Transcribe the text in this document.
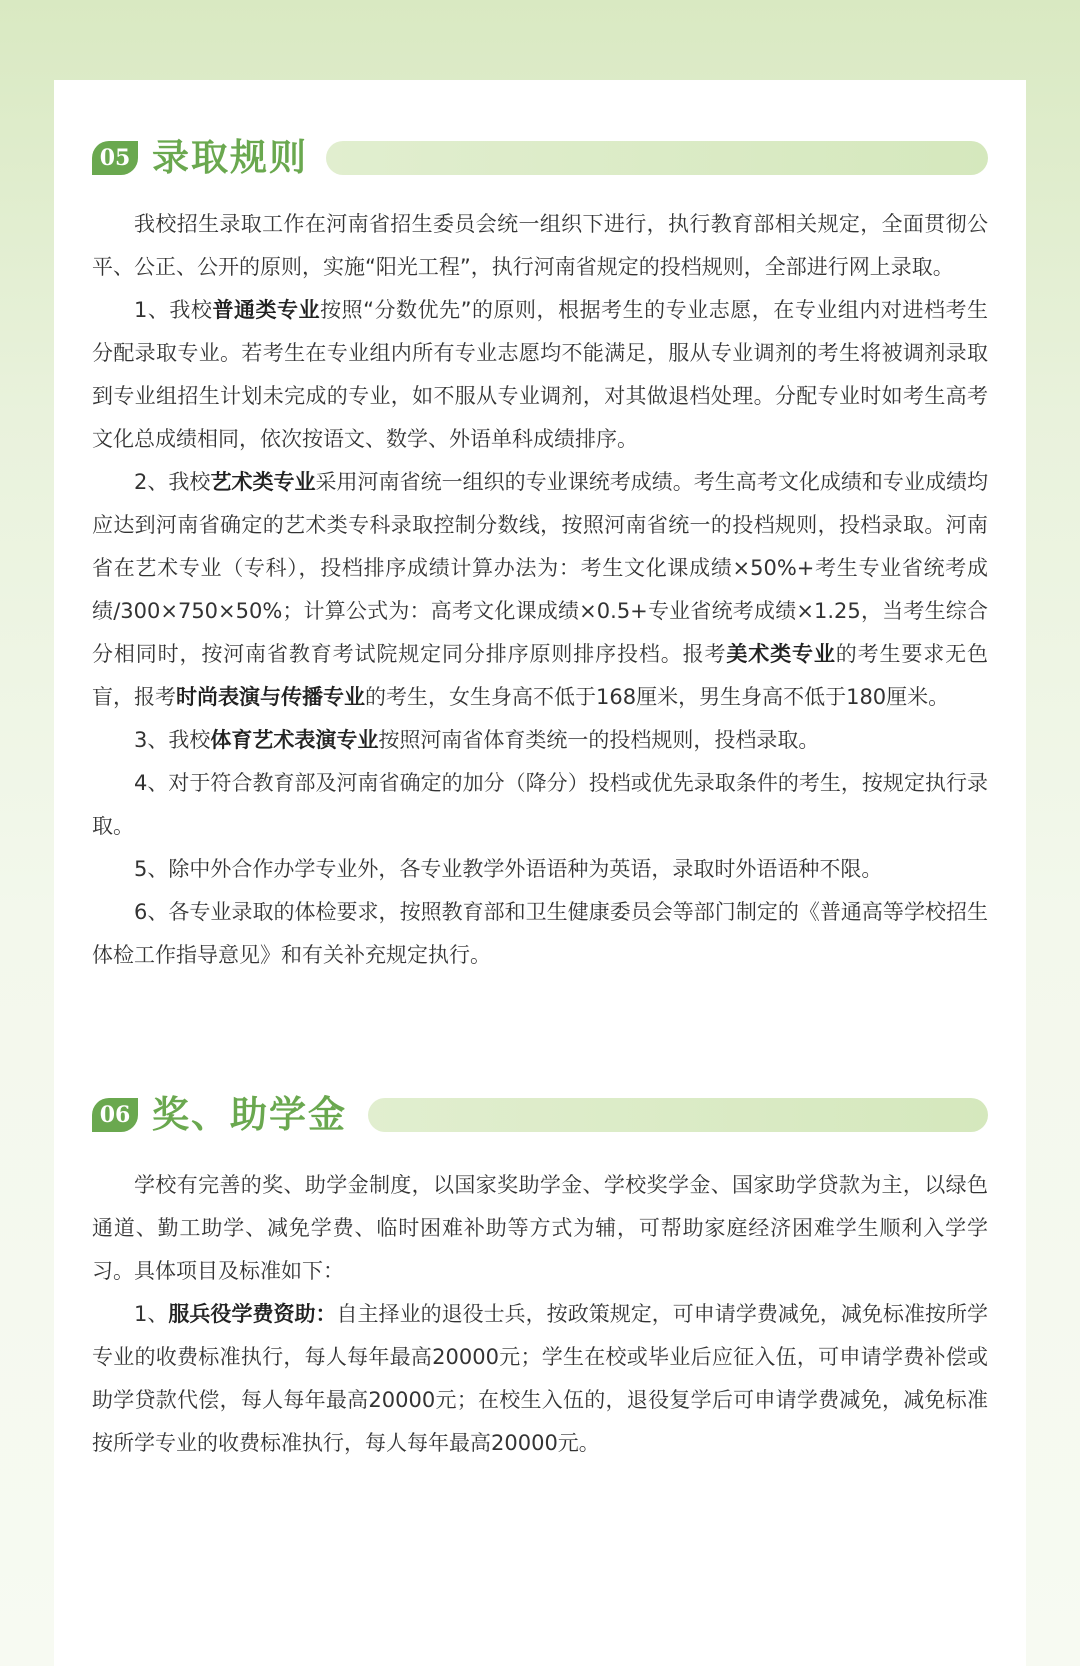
05 录取规则

我校招生录取工作在河南省招生委员会统一组织下进行，执行教育部相关规定，全面贯彻公平、公正、公开的原则，实施“阳光工程”，执行河南省规定的投档规则，全部进行网上录取。

1、我校普通类专业按照“分数优先”的原则，根据考生的专业志愿，在专业组内对进档考生分配录取专业。若考生在专业组内所有专业志愿均不能满足，服从专业调剂的考生将被调剂录取到专业组招生计划未完成的专业，如不服从专业调剂，对其做退档处理。分配专业时如考生高考文化总成绩相同，依次按语文、数学、外语单科成绩排序。

2、我校艺术类专业采用河南省统一组织的专业课统考成绩。考生高考文化成绩和专业成绩均应达到河南省确定的艺术类专科录取控制分数线，按照河南省统一的投档规则，投档录取。河南省在艺术专业（专科），投档排序成绩计算办法为：考生文化课成绩×50%+考生专业省统考成绩/300×750×50%；计算公式为：高考文化课成绩×0.5+专业省统考成绩×1.25，当考生综合分相同时，按河南省教育考试院规定同分排序原则排序投档。报考美术类专业的考生要求无色盲，报考时尚表演与传播专业的考生，女生身高不低于168厘米，男生身高不低于180厘米。

3、我校体育艺术表演专业按照河南省体育类统一的投档规则，投档录取。

4、对于符合教育部及河南省确定的加分（降分）投档或优先录取条件的考生，按规定执行录取。

5、除中外合作办学专业外，各专业教学外语语种为英语，录取时外语语种不限。

6、各专业录取的体检要求，按照教育部和卫生健康委员会等部门制定的《普通高等学校招生体检工作指导意见》和有关补充规定执行。

06 奖、助学金

学校有完善的奖、助学金制度，以国家奖助学金、学校奖学金、国家助学贷款为主，以绿色通道、勤工助学、减免学费、临时困难补助等方式为辅，可帮助家庭经济困难学生顺利入学学习。具体项目及标准如下：

1、服兵役学费资助：自主择业的退役士兵，按政策规定，可申请学费减免，减免标准按所学专业的收费标准执行，每人每年最高20000元；学生在校或毕业后应征入伍，可申请学费补偿或助学贷款代偿，每人每年最高20000元；在校生入伍的，退役复学后可申请学费减免，减免标准按所学专业的收费标准执行，每人每年最高20000元。
